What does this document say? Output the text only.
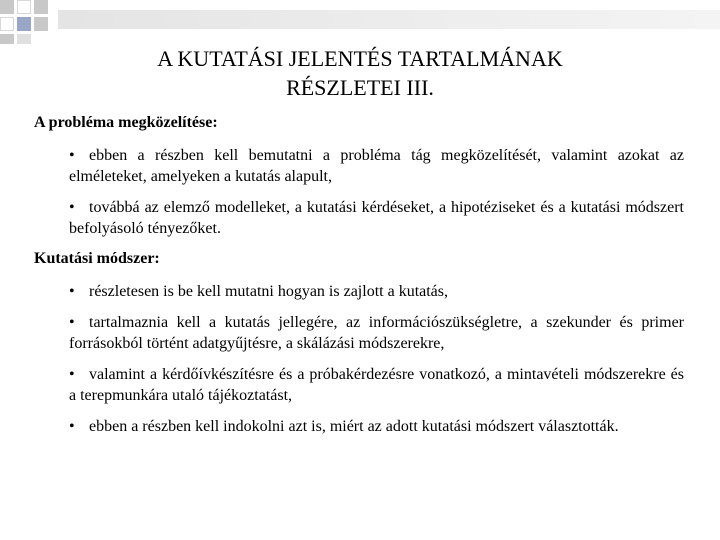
A KUTATÁSI JELENTÉS TARTALMÁNAK RÉSZLETEI III.

A probléma megközelítése:

• ebben a részben kell bemutatni a probléma tág megközelítését, valamint azokat az elméleteket, amelyeken a kutatás alapult,

• továbbá az elemző modelleket, a kutatási kérdéseket, a hipotéziseket és a kutatási módszert befolyásoló tényezőket.

Kutatási módszer:

• részletesen is be kell mutatni hogyan is zajlott a kutatás,

• tartalmaznia kell a kutatás jellegére, az információszükségletre, a szekunder és primer forrásokból történt adatgyűjtésre, a skálázási módszerekre,

• valamint a kérdőívkészítésre és a próbakérdezésre vonatkozó, a mintavételi módszerekre és a terepmunkára utaló tájékoztatást,

• ebben a részben kell indokolni azt is, miért az adott kutatási módszert választották.
